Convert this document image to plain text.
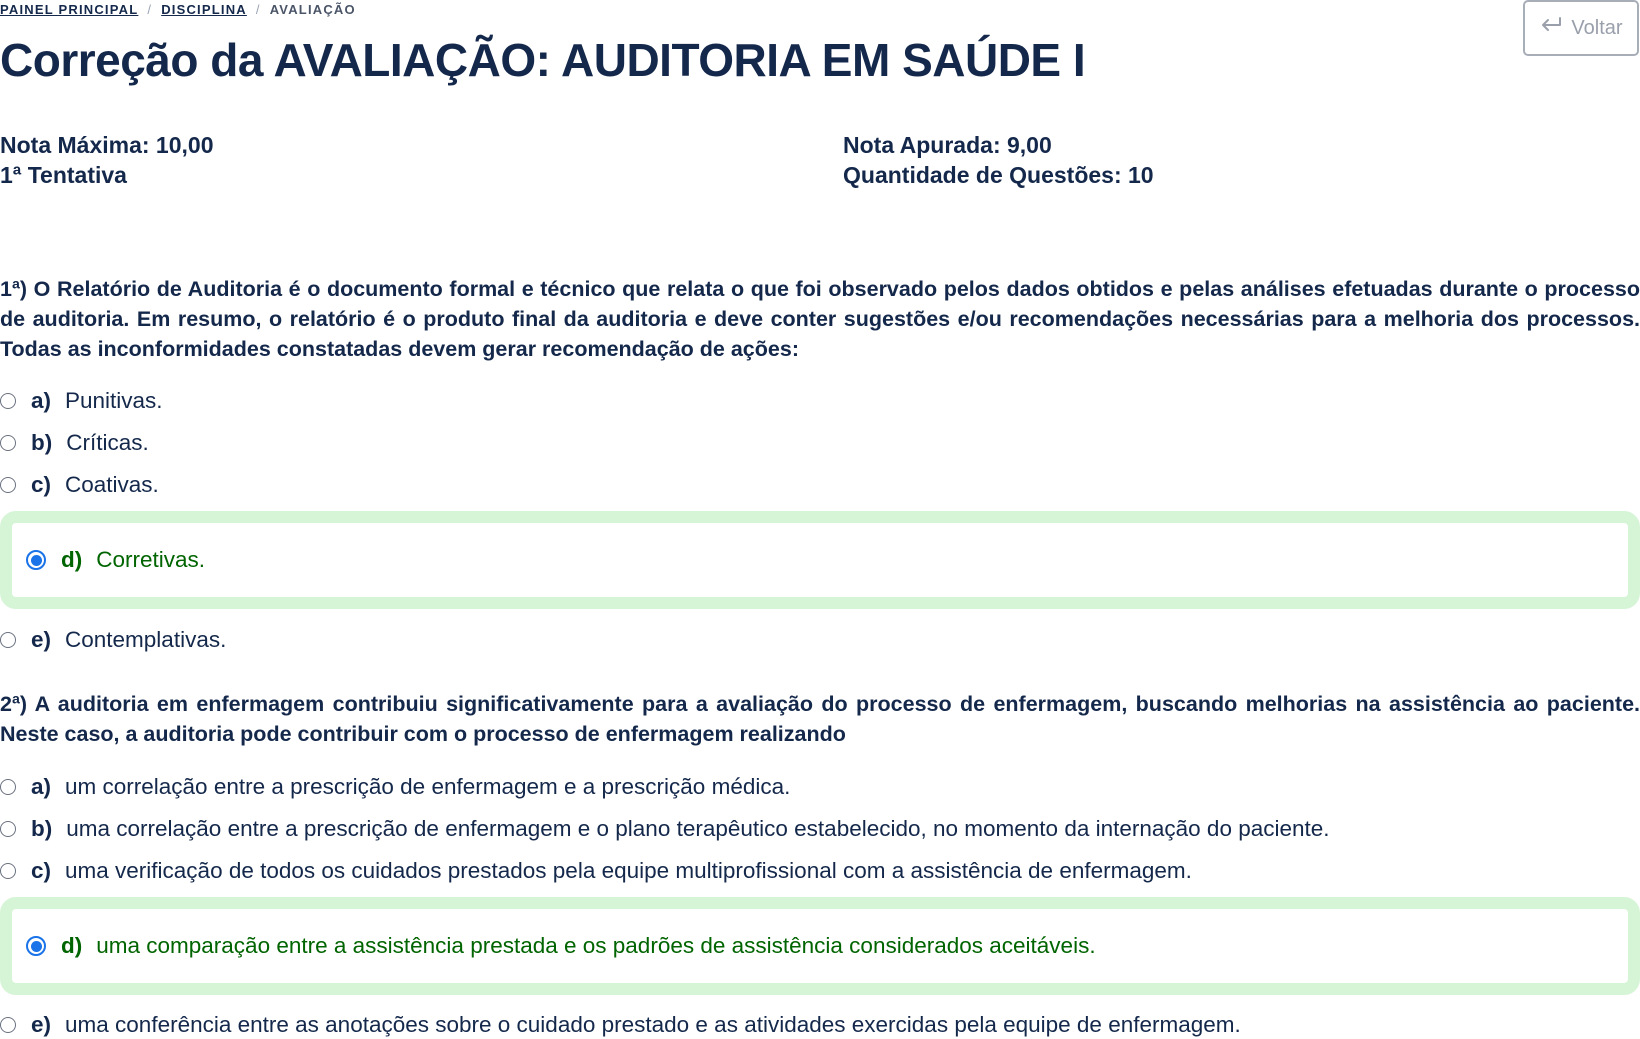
PAINEL PRINCIPAL / DISCIPLINA / AVALIAÇÃO
Voltar
Correção da AVALIAÇÃO: AUDITORIA EM SAÚDE I
Nota Máxima: 10,00
1ª Tentativa
Nota Apurada: 9,00
Quantidade de Questões: 10
1ª) O Relatório de Auditoria é o documento formal e técnico que relata o que foi observado pelos dados obtidos e pelas análises efetuadas durante o processo de auditoria. Em resumo, o relatório é o produto final da auditoria e deve conter sugestões e/ou recomendações necessárias para a melhoria dos processos. Todas as inconformidades constatadas devem gerar recomendação de ações:
a) Punitivas.
b) Críticas.
c) Coativas.
d) Corretivas.
e) Contemplativas.
2ª) A auditoria em enfermagem contribuiu significativamente para a avaliação do processo de enfermagem, buscando melhorias na assistência ao paciente. Neste caso, a auditoria pode contribuir com o processo de enfermagem realizando
a) um correlação entre a prescrição de enfermagem e a prescrição médica.
b) uma correlação entre a prescrição de enfermagem e o plano terapêutico estabelecido, no momento da internação do paciente.
c) uma verificação de todos os cuidados prestados pela equipe multiprofissional com a assistência de enfermagem.
d) uma comparação entre a assistência prestada e os padrões de assistência considerados aceitáveis.
e) uma conferência entre as anotações sobre o cuidado prestado e as atividades exercidas pela equipe de enfermagem.
